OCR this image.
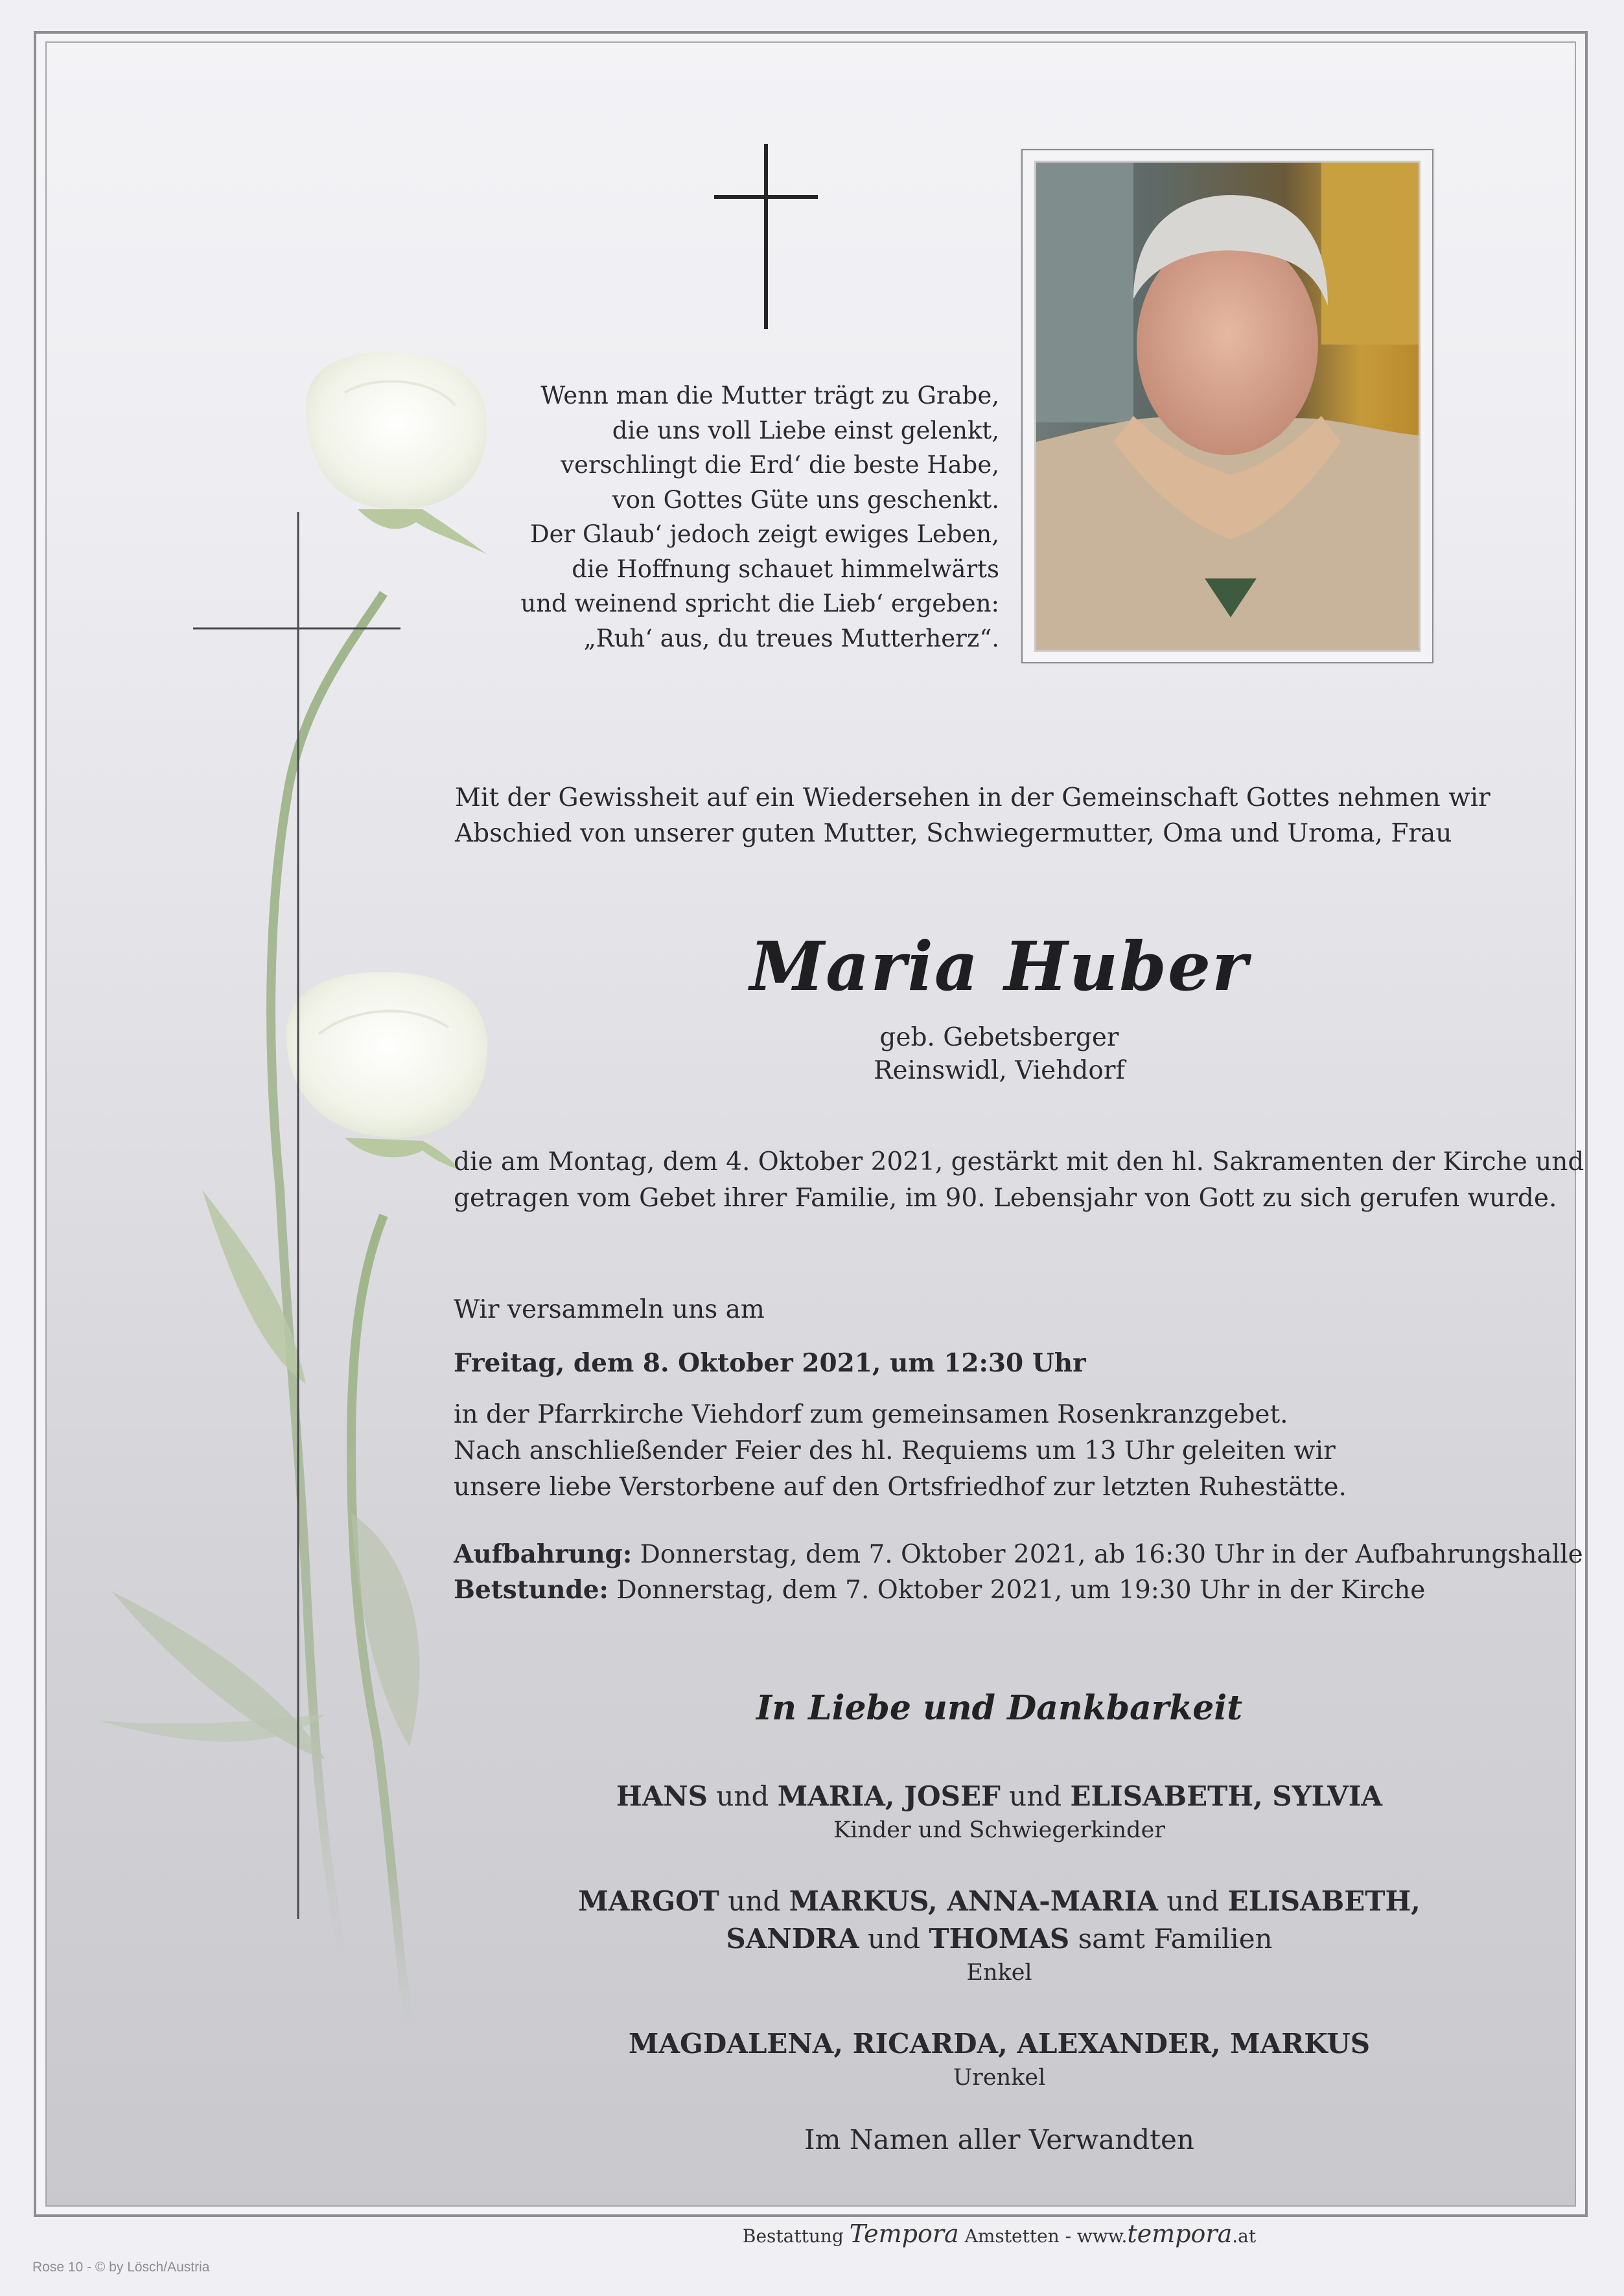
Wenn man die Mutter trägt zu Grabe,
die uns voll Liebe einst gelenkt,
verschlingt die Erd‘ die beste Habe,
von Gottes Güte uns geschenkt.
Der Glaub‘ jedoch zeigt ewiges Leben,
die Hoffnung schauet himmelwärts
und weinend spricht die Lieb‘ ergeben:
„Ruh‘ aus, du treues Mutterherz“.
Mit der Gewissheit auf ein Wiedersehen in der Gemeinschaft Gottes nehmen wir
Abschied von unserer guten Mutter, Schwiegermutter, Oma und Uroma, Frau
Maria Huber
geb. Gebetsberger
Reinswidl, Viehdorf
die am Montag, dem 4. Oktober 2021, gestärkt mit den hl. Sakramenten der Kirche und
getragen vom Gebet ihrer Familie, im 90. Lebensjahr von Gott zu sich gerufen wurde.
Wir versammeln uns am
Freitag, dem 8. Oktober 2021, um 12:30 Uhr
in der Pfarrkirche Viehdorf zum gemeinsamen Rosenkranzgebet.
Nach anschließender Feier des hl. Requiems um 13 Uhr geleiten wir
unsere liebe Verstorbene auf den Ortsfriedhof zur letzten Ruhestätte.
Aufbahrung: Donnerstag, dem 7. Oktober 2021, ab 16:30 Uhr in der Aufbahrungshalle
Betstunde: Donnerstag, dem 7. Oktober 2021, um 19:30 Uhr in der Kirche
In Liebe und Dankbarkeit
HANS und MARIA, JOSEF und ELISABETH, SYLVIA
Kinder und Schwiegerkinder
MARGOT und MARKUS, ANNA-MARIA und ELISABETH,
SANDRA und THOMAS samt Familien
Enkel
MAGDALENA, RICARDA, ALEXANDER, MARKUS
Urenkel
Im Namen aller Verwandten
Bestattung Tempora Amstetten - www.tempora.at
Rose 10 - © by Lösch/Austria
